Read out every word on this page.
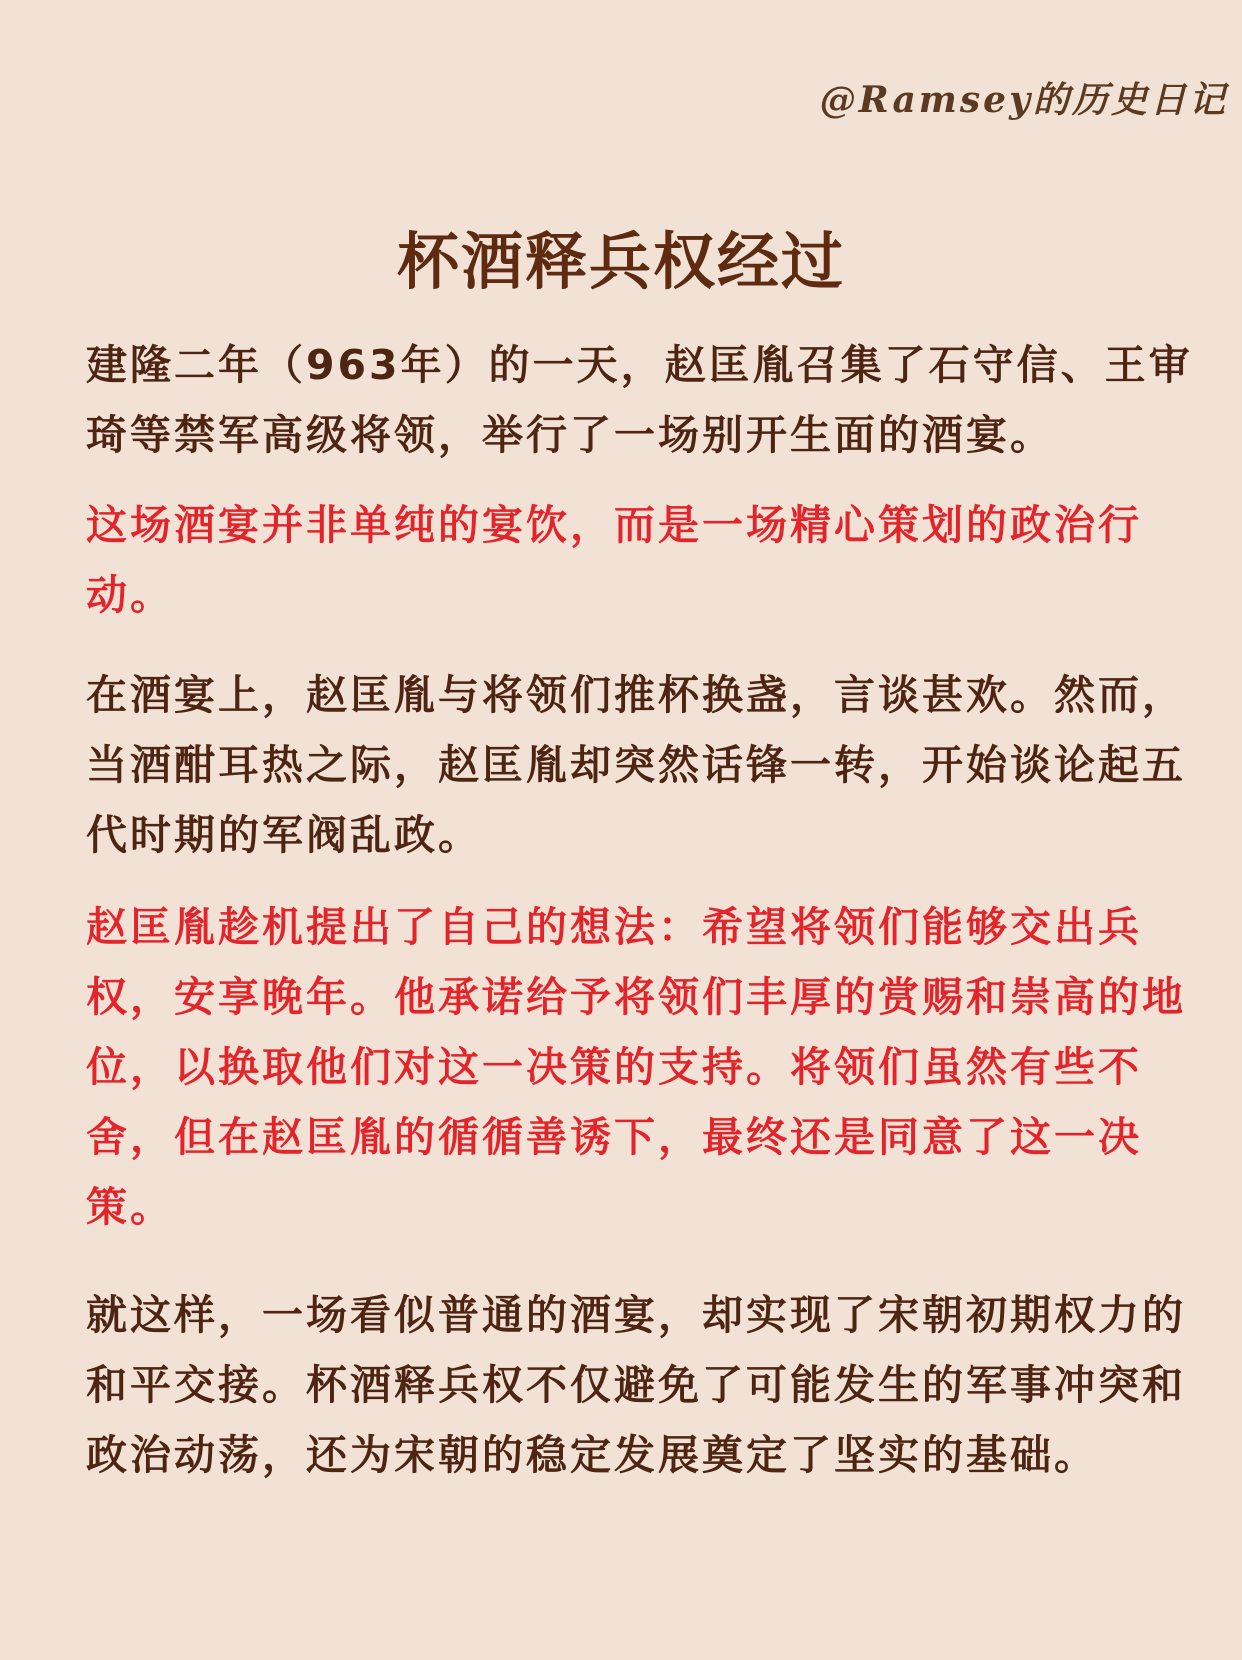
@Ramsey的历史日记
杯酒释兵权经过

建隆二年（963年）的一天，赵匡胤召集了石守信、王审琦等禁军高级将领，举行了一场别开生面的酒宴。

这场酒宴并非单纯的宴饮，而是一场精心策划的政治行动。

在酒宴上，赵匡胤与将领们推杯换盏，言谈甚欢。然而，当酒酣耳热之际，赵匡胤却突然话锋一转，开始谈论起五代时期的军阀乱政。

赵匡胤趁机提出了自己的想法：希望将领们能够交出兵权，安享晚年。他承诺给予将领们丰厚的赏赐和崇高的地位，以换取他们对这一决策的支持。将领们虽然有些不舍，但在赵匡胤的循循善诱下，最终还是同意了这一决策。

就这样，一场看似普通的酒宴，却实现了宋朝初期权力的和平交接。杯酒释兵权不仅避免了可能发生的军事冲突和政治动荡，还为宋朝的稳定发展奠定了坚实的基础。
